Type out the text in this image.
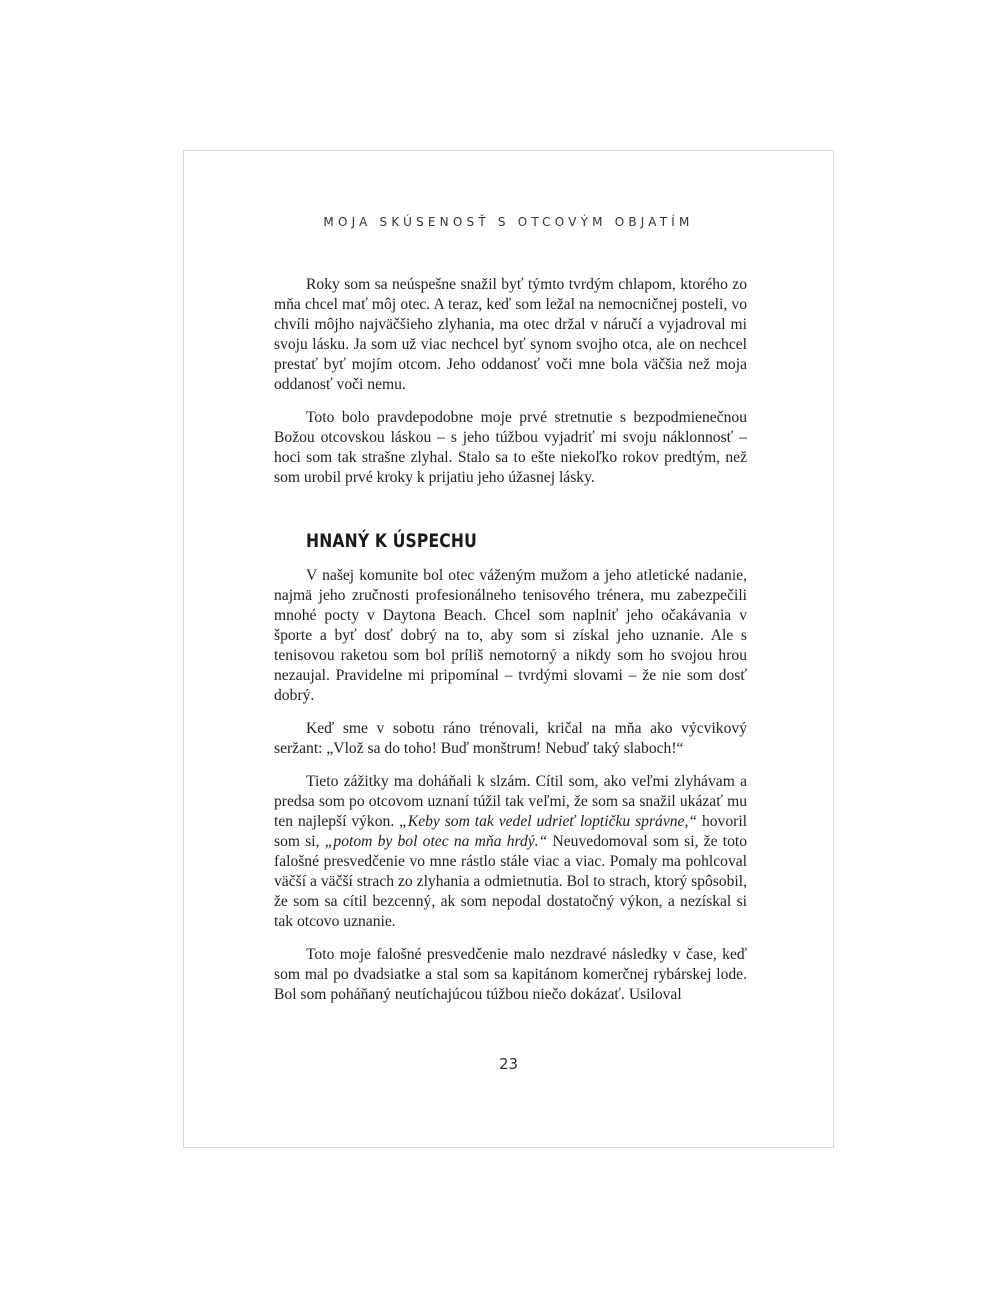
MOJA SKÚSENOSŤ S OTCOVÝM OBJATÍM

Roky som sa neúspešne snažil byť týmto tvrdým chlapom, ktorého zo mňa chcel mať môj otec. A teraz, keď som ležal na nemocničnej posteli, vo chvíli môjho najväčšieho zlyhania, ma otec držal v náručí a vyjadroval mi svoju lásku. Ja som už viac nechcel byť synom svojho otca, ale on nechcel prestať byť mojím otcom. Jeho oddanosť voči mne bola väčšia než moja oddanosť voči nemu.

Toto bolo pravdepodobne moje prvé stretnutie s bezpodmienečnou Božou otcovskou láskou – s jeho túžbou vyjadriť mi svoju náklonnosť – hoci som tak strašne zlyhal. Stalo sa to ešte niekoľko rokov predtým, než som urobil prvé kroky k prijatiu jeho úžasnej lásky.

HNANÝ K ÚSPECHU

V našej komunite bol otec váženým mužom a jeho atletické nadanie, najmä jeho zručnosti profesionálneho tenisového trénera, mu zabezpečili mnohé pocty v Daytona Beach. Chcel som naplniť jeho očakávania v športe a byť dosť dobrý na to, aby som si získal jeho uznanie. Ale s tenisovou raketou som bol príliš nemotorný a nikdy som ho svojou hrou nezaujal. Pravidelne mi pripomínal – tvrdými slovami – že nie som dosť dobrý.

Keď sme v sobotu ráno trénovali, kričal na mňa ako výcvikový seržant: „Vlož sa do toho! Buď monštrum! Nebuď taký slaboch!“

Tieto zážitky ma doháňali k slzám. Cítil som, ako veľmi zlyhávam a predsa som po otcovom uznaní túžil tak veľmi, že som sa snažil ukázať mu ten najlepší výkon. „Keby som tak vedel udrieť loptičku správne,“ hovoril som si, „potom by bol otec na mňa hrdý.“ Neuvedomoval som si, že toto falošné presvedčenie vo mne rástlo stále viac a viac. Pomaly ma pohlcoval väčší a väčší strach zo zlyhania a odmietnutia. Bol to strach, ktorý spôsobil, že som sa cítil bezcenný, ak som nepodal dostatočný výkon, a nezískal si tak otcovo uznanie.

Toto moje falošné presvedčenie malo nezdravé následky v čase, keď som mal po dvadsiatke a stal som sa kapitánom komerčnej rybárskej lode. Bol som poháňaný neutíchajúcou túžbou niečo dokázať. Usiloval

23
